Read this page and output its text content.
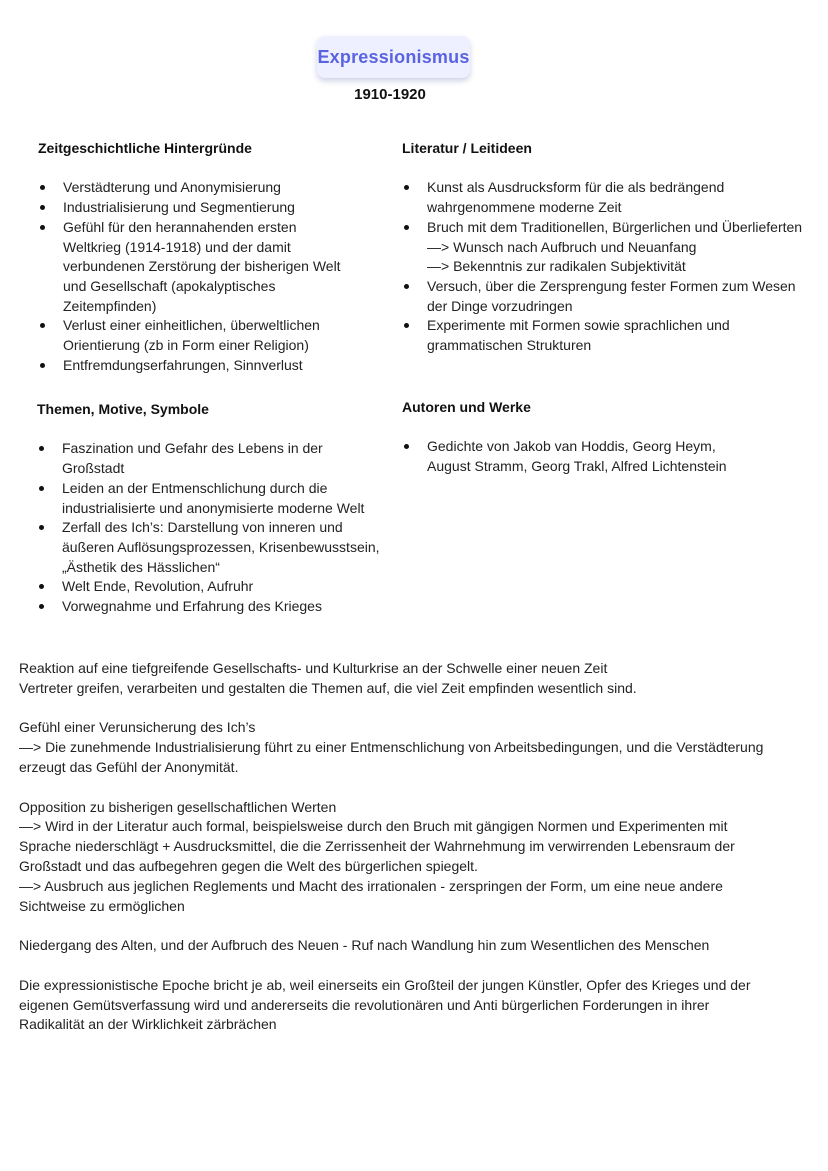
Expressionismus
1910-1920
Zeitgeschichtliche Hintergründe
Verstädterung und Anonymisierung
Industrialisierung und Segmentierung
Gefühl für den herannahenden ersten
Weltkrieg (1914-1918) und der damit
verbundenen Zerstörung der bisherigen Welt
und Gesellschaft (apokalyptisches
Zeitempfinden)
Verlust einer einheitlichen, überweltlichen
Orientierung (zb in Form einer Religion)
Entfremdungserfahrungen, Sinnverlust
Literatur / Leitideen
Kunst als Ausdrucksform für die als bedrängend
wahrgenommene moderne Zeit
Bruch mit dem Traditionellen, Bürgerlichen und Überlieferten
—> Wunsch nach Aufbruch und Neuanfang
—> Bekenntnis zur radikalen Subjektivität
Versuch, über die Zersprengung fester Formen zum Wesen
der Dinge vorzudringen
Experimente mit Formen sowie sprachlichen und
grammatischen Strukturen
Themen, Motive, Symbole
Faszination und Gefahr des Lebens in der
Großstadt
Leiden an der Entmenschlichung durch die
industrialisierte und anonymisierte moderne Welt
Zerfall des Ich’s: Darstellung von inneren und
äußeren Auflösungsprozessen, Krisenbewusstsein,
„Ästhetik des Hässlichen“
Welt Ende, Revolution, Aufruhr
Vorwegnahme und Erfahrung des Krieges
Autoren und Werke
Gedichte von Jakob van Hoddis, Georg Heym,
August Stramm, Georg Trakl, Alfred Lichtenstein

Reaktion auf eine tiefgreifende Gesellschafts- und Kulturkrise an der Schwelle einer neuen Zeit
Vertreter greifen, verarbeiten und gestalten die Themen auf, die viel Zeit empfinden wesentlich sind.

Gefühl einer Verunsicherung des Ich’s
—> Die zunehmende Industrialisierung führt zu einer Entmenschlichung von Arbeitsbedingungen, und die Verstädterung
erzeugt das Gefühl der Anonymität.

Opposition zu bisherigen gesellschaftlichen Werten
—> Wird in der Literatur auch formal, beispielsweise durch den Bruch mit gängigen Normen und Experimenten mit
Sprache niederschlägt + Ausdrucksmittel, die die Zerrissenheit der Wahrnehmung im verwirrenden Lebensraum der
Großstadt und das aufbegehren gegen die Welt des bürgerlichen spiegelt.
—> Ausbruch aus jeglichen Reglements und Macht des irrationalen - zerspringen der Form, um eine neue andere
Sichtweise zu ermöglichen

Niedergang des Alten, und der Aufbruch des Neuen - Ruf nach Wandlung hin zum Wesentlichen des Menschen

Die expressionistische Epoche bricht je ab, weil einerseits ein Großteil der jungen Künstler, Opfer des Krieges und der
eigenen Gemütsverfassung wird und andererseits die revolutionären und Anti bürgerlichen Forderungen in ihrer
Radikalität an der Wirklichkeit zärbrächen
